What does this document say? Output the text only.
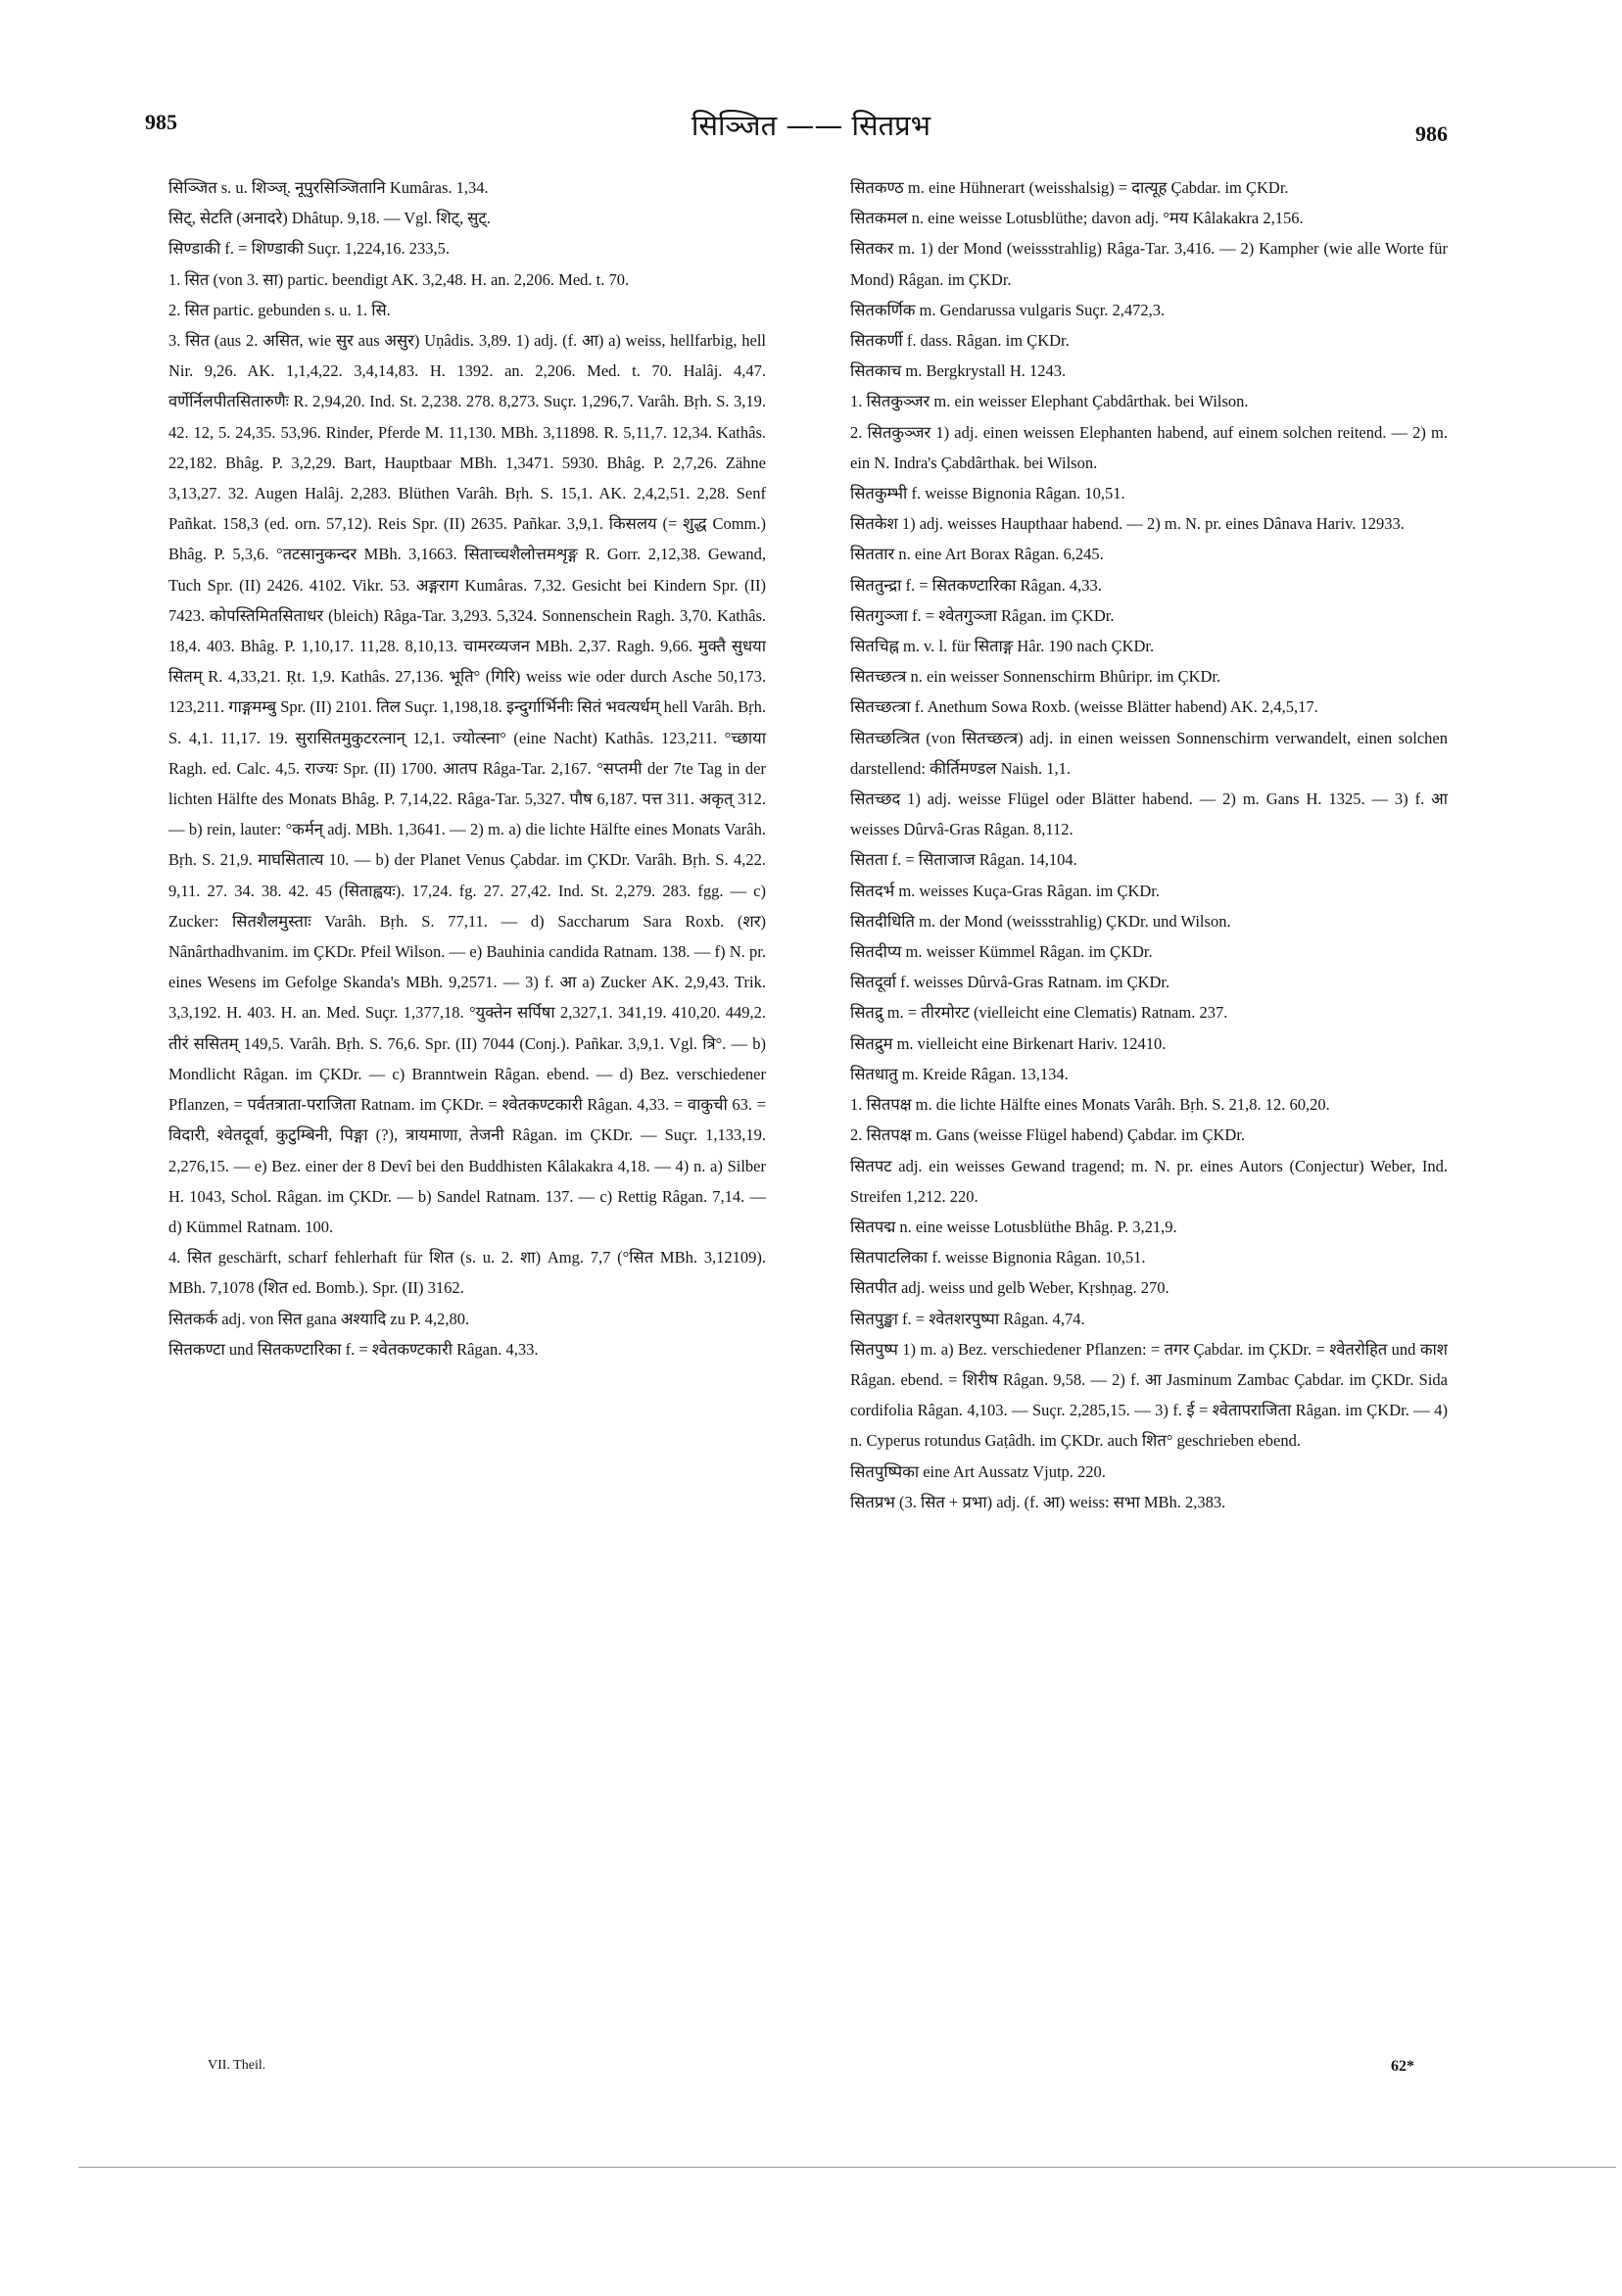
985	सिञ्जित —— सितप्रभ	986

सिञ्जित s. u. शिञ्ज्. नूपुरसिञ्जितानि Kumâras. 1,34.

सिट्, सेटति (अनादरे) Dhâtup. 9,18. — Vgl. शिट्, सुट्.

सिण्डाकी f. = शिण्डाकी Suçr. 1,224,16. 233,5.

1. सित (von 3. सा) partic. beendigt AK. 3,2,48. H. an. 2,206. Med. t. 70.

2. सित partic. gebunden s. u. 1. सि.

3. सित (aus 2. असित, wie सुर aus असुर) Uṇâdis. 3,89. 1) adj. (f. आ) a) weiss, hellfarbig, hell Nir. 9,26. AK. 1,1,4,22. 3,4,14,83. H. 1392. an. 2,206. Med. t. 70. Halâj. 4,47. वर्णेर्निलपीतसितारुणैः R. 2,94,20. Ind. St. 2,238. 278. 8,273. Suçr. 1,296,7. Varâh. Bṛh. S. 3,19. 42. 12, 5. 24,35. 53,96. Rinder, Pferde M. 11,130. MBh. 3,11898. R. 5,11,7. 12,34. Kathâs. 22,182. Bhâg. P. 3,2,29. Bart, Hauptbaar MBh. 1,3471. 5930. Bhâg. P. 2,7,26. Zähne 3,13,27. 32. Augen Halâj. 2,283. Blüthen Varâh. Bṛh. S. 15,1. AK. 2,4,2,51. 2,28. Senf Pañkat. 158,3 (ed. orn. 57,12). Reis Spr. (II) 2635. Pañkar. 3,9,1. किसलय (= शुद्ध Comm.) Bhâg. P. 5,3,6. °तटसानुकन्दर MBh. 3,1663. सिताच्चशैलोत्तमशृङ्ग R. Gorr. 2,12,38. Gewand, Tuch Spr. (II) 2426. 4102. Vikr. 53. अङ्गराग Kumâras. 7,32. Gesicht bei Kindern Spr. (II) 7423. कोपस्तिमितसिताधर (bleich) Râga-Tar. 3,293. 5,324. Sonnenschein Ragh. 3,70. Kathâs. 18,4. 403. Bhâg. P. 1,10,17. 11,28. 8,10,13. चामरव्यजन MBh. 2,37. Ragh. 9,66. मुक्तै सुधया सितम् R. 4,33,21. Ṛt. 1,9. Kathâs. 27,136. भूति° (गिरि) weiss wie oder durch Asche 50,173. 123,211. गाङ्गमम्बु Spr. (II) 2101. तिल Suçr. 1,198,18. इन्दुर्गार्भिनीः सितं भवत्यर्धम् hell Varâh. Bṛh. S. 4,1. 11,17. 19. सुरासितमुकुटरत्नान् 12,1. ज्योत्स्ना° (eine Nacht) Kathâs. 123,211. °च्छाया Ragh. ed. Calc. 4,5. राज्यः Spr. (II) 1700. आतप Râga-Tar. 2,167. °सप्तमी der 7te Tag in der lichten Hälfte des Monats Bhâg. P. 7,14,22. Râga-Tar. 5,327. पौष 6,187. पत्त 311. अकृत् 312. — b) rein, lauter: °कर्मन् adj. MBh. 1,3641. — 2) m. a) die lichte Hälfte eines Monats Varâh. Bṛh. S. 21,9. माघसितात्य 10. — b) der Planet Venus Çabdar. im ÇKDr. Varâh. Bṛh. S. 4,22. 9,11. 27. 34. 38. 42. 45 (सिताह्वयः). 17,24. fg. 27. 27,42. Ind. St. 2,279. 283. fgg. — c) Zucker: सितशैलमुस्ताः Varâh. Bṛh. S. 77,11. — d) Saccharum Sara Roxb. (शर) Nânârthadhvanim. im ÇKDr. Pfeil Wilson. — e) Bauhinia candida Ratnam. 138. — f) N. pr. eines Wesens im Gefolge Skanda's MBh. 9,2571. — 3) f. आ a) Zucker AK. 2,9,43. Trik. 3,3,192. H. 403. H. an. Med. Suçr. 1,377,18. °युक्तेन सर्पिषा 2,327,1. 341,19. 410,20. 449,2. तीरं ससितम् 149,5. Varâh. Bṛh. S. 76,6. Spr. (II) 7044 (Conj.). Pañkar. 3,9,1. Vgl. त्रि°. — b) Mondlicht Râgan. im ÇKDr. — c) Branntwein Râgan. ebend. — d) Bez. verschiedener Pflanzen, = पर्वतत्राता-पराजिता Ratnam. im ÇKDr. = श्वेतकण्टकारी Râgan. 4,33. = वाकुची 63. = विदारी, श्वेतदूर्वा, कुटुम्बिनी, पिङ्गा (?), त्रायमाणा, तेजनी Râgan. im ÇKDr. — Suçr. 1,133,19. 2,276,15. — e) Bez. einer der 8 Devî bei den Buddhisten Kâlakakra 4,18. — 4) n. a) Silber H. 1043, Schol. Râgan. im ÇKDr. — b) Sandel Ratnam. 137. — c) Rettig Râgan. 7,14. — d) Kümmel Ratnam. 100.

4. सित geschärft, scharf fehlerhaft für शित (s. u. 2. शा) Amg. 7,7 (°सित MBh. 3,12109). MBh. 7,1078 (शित ed. Bomb.). Spr. (II) 3162.

सितकर्क adj. von सित gana अश्यादि zu P. 4,2,80.

सितकण्टा und सितकण्टारिका f. = श्वेतकण्टकारी Râgan. 4,33.

सितकण्ठ m. eine Hühnerart (weisshalsig) = दात्यूह Çabdar. im ÇKDr.

सितकमल n. eine weisse Lotusblüthe; davon adj. °मय Kâlakakra 2,156.

सितकर m. 1) der Mond (weissstrahlig) Râga-Tar. 3,416. — 2) Kampher (wie alle Worte für Mond) Râgan. im ÇKDr.

सितकर्णिक m. Gendarussa vulgaris Suçr. 2,472,3.

सितकर्णी f. dass. Râgan. im ÇKDr.

सितकाच m. Bergkrystall H. 1243.

1. सितकुञ्जर m. ein weisser Elephant Çabdârthak. bei Wilson.

2. सितकुञ्जर 1) adj. einen weissen Elephanten habend, auf einem solchen reitend. — 2) m. ein N. Indra's Çabdârthak. bei Wilson.

सितकुम्भी f. weisse Bignonia Râgan. 10,51.

सितकेश 1) adj. weisses Haupthaar habend. — 2) m. N. pr. eines Dânava Hariv. 12933.

सिततार n. eine Art Borax Râgan. 6,245.

सिततुन्द्रा f. = सितकण्टारिका Râgan. 4,33.

सितगुञ्जा f. = श्वेतगुञ्जा Râgan. im ÇKDr.

सितचिह्न m. v. l. für सिताङ्ग Hâr. 190 nach ÇKDr.

सितच्छत्त्र n. ein weisser Sonnenschirm Bhûripr. im ÇKDr.

सितच्छत्त्रा f. Anethum Sowa Roxb. (weisse Blätter habend) AK. 2,4,5,17.

सितच्छत्त्रित (von सितच्छत्त्र) adj. in einen weissen Sonnenschirm verwandelt, einen solchen darstellend: कीर्तिमण्डल Naish. 1,1.

सितच्छद 1) adj. weisse Flügel oder Blätter habend. — 2) m. Gans H. 1325. — 3) f. आ weisses Dûrvâ-Gras Râgan. 8,112.

सितता f. = सिताजाज Râgan. 14,104.

सितदर्भ m. weisses Kuça-Gras Râgan. im ÇKDr.

सितदीधिति m. der Mond (weissstrahlig) ÇKDr. und Wilson.

सितदीप्य m. weisser Kümmel Râgan. im ÇKDr.

सितदूर्वा f. weisses Dûrvâ-Gras Ratnam. im ÇKDr.

सितद्रु m. = तीरमोरट (vielleicht eine Clematis) Ratnam. 237.

सितद्रुम m. vielleicht eine Birkenart Hariv. 12410.

सितधातु m. Kreide Râgan. 13,134.

1. सितपक्ष m. die lichte Hälfte eines Monats Varâh. Bṛh. S. 21,8. 12. 60,20.

2. सितपक्ष m. Gans (weisse Flügel habend) Çabdar. im ÇKDr.

सितपट adj. ein weisses Gewand tragend; m. N. pr. eines Autors (Conjectur) Weber, Ind. Streifen 1,212. 220.

सितपद्म n. eine weisse Lotusblüthe Bhâg. P. 3,21,9.

सितपाटलिका f. weisse Bignonia Râgan. 10,51.

सितपीत adj. weiss und gelb Weber, Kṛshṇag. 270.

सितपुङ्खा f. = श्वेतशरपुष्पा Râgan. 4,74.

सितपुष्प 1) m. a) Bez. verschiedener Pflanzen: = तगर Çabdar. im ÇKDr. = श्वेतरोहित und काश Râgan. ebend. = शिरीष Râgan. 9,58. — 2) f. आ Jasminum Zambac Çabdar. im ÇKDr. Sida cordifolia Râgan. 4,103. — Suçr. 2,285,15. — 3) f. ई = श्वेतापराजिता Râgan. im ÇKDr. — 4) n. Cyperus rotundus Gaṭâdh. im ÇKDr. auch शित° geschrieben ebend.

सितपुष्पिका eine Art Aussatz Vjutp. 220.

सितप्रभ (3. सित + प्रभा) adj. (f. आ) weiss: सभा MBh. 2,383.

VII. Theil.	62*
